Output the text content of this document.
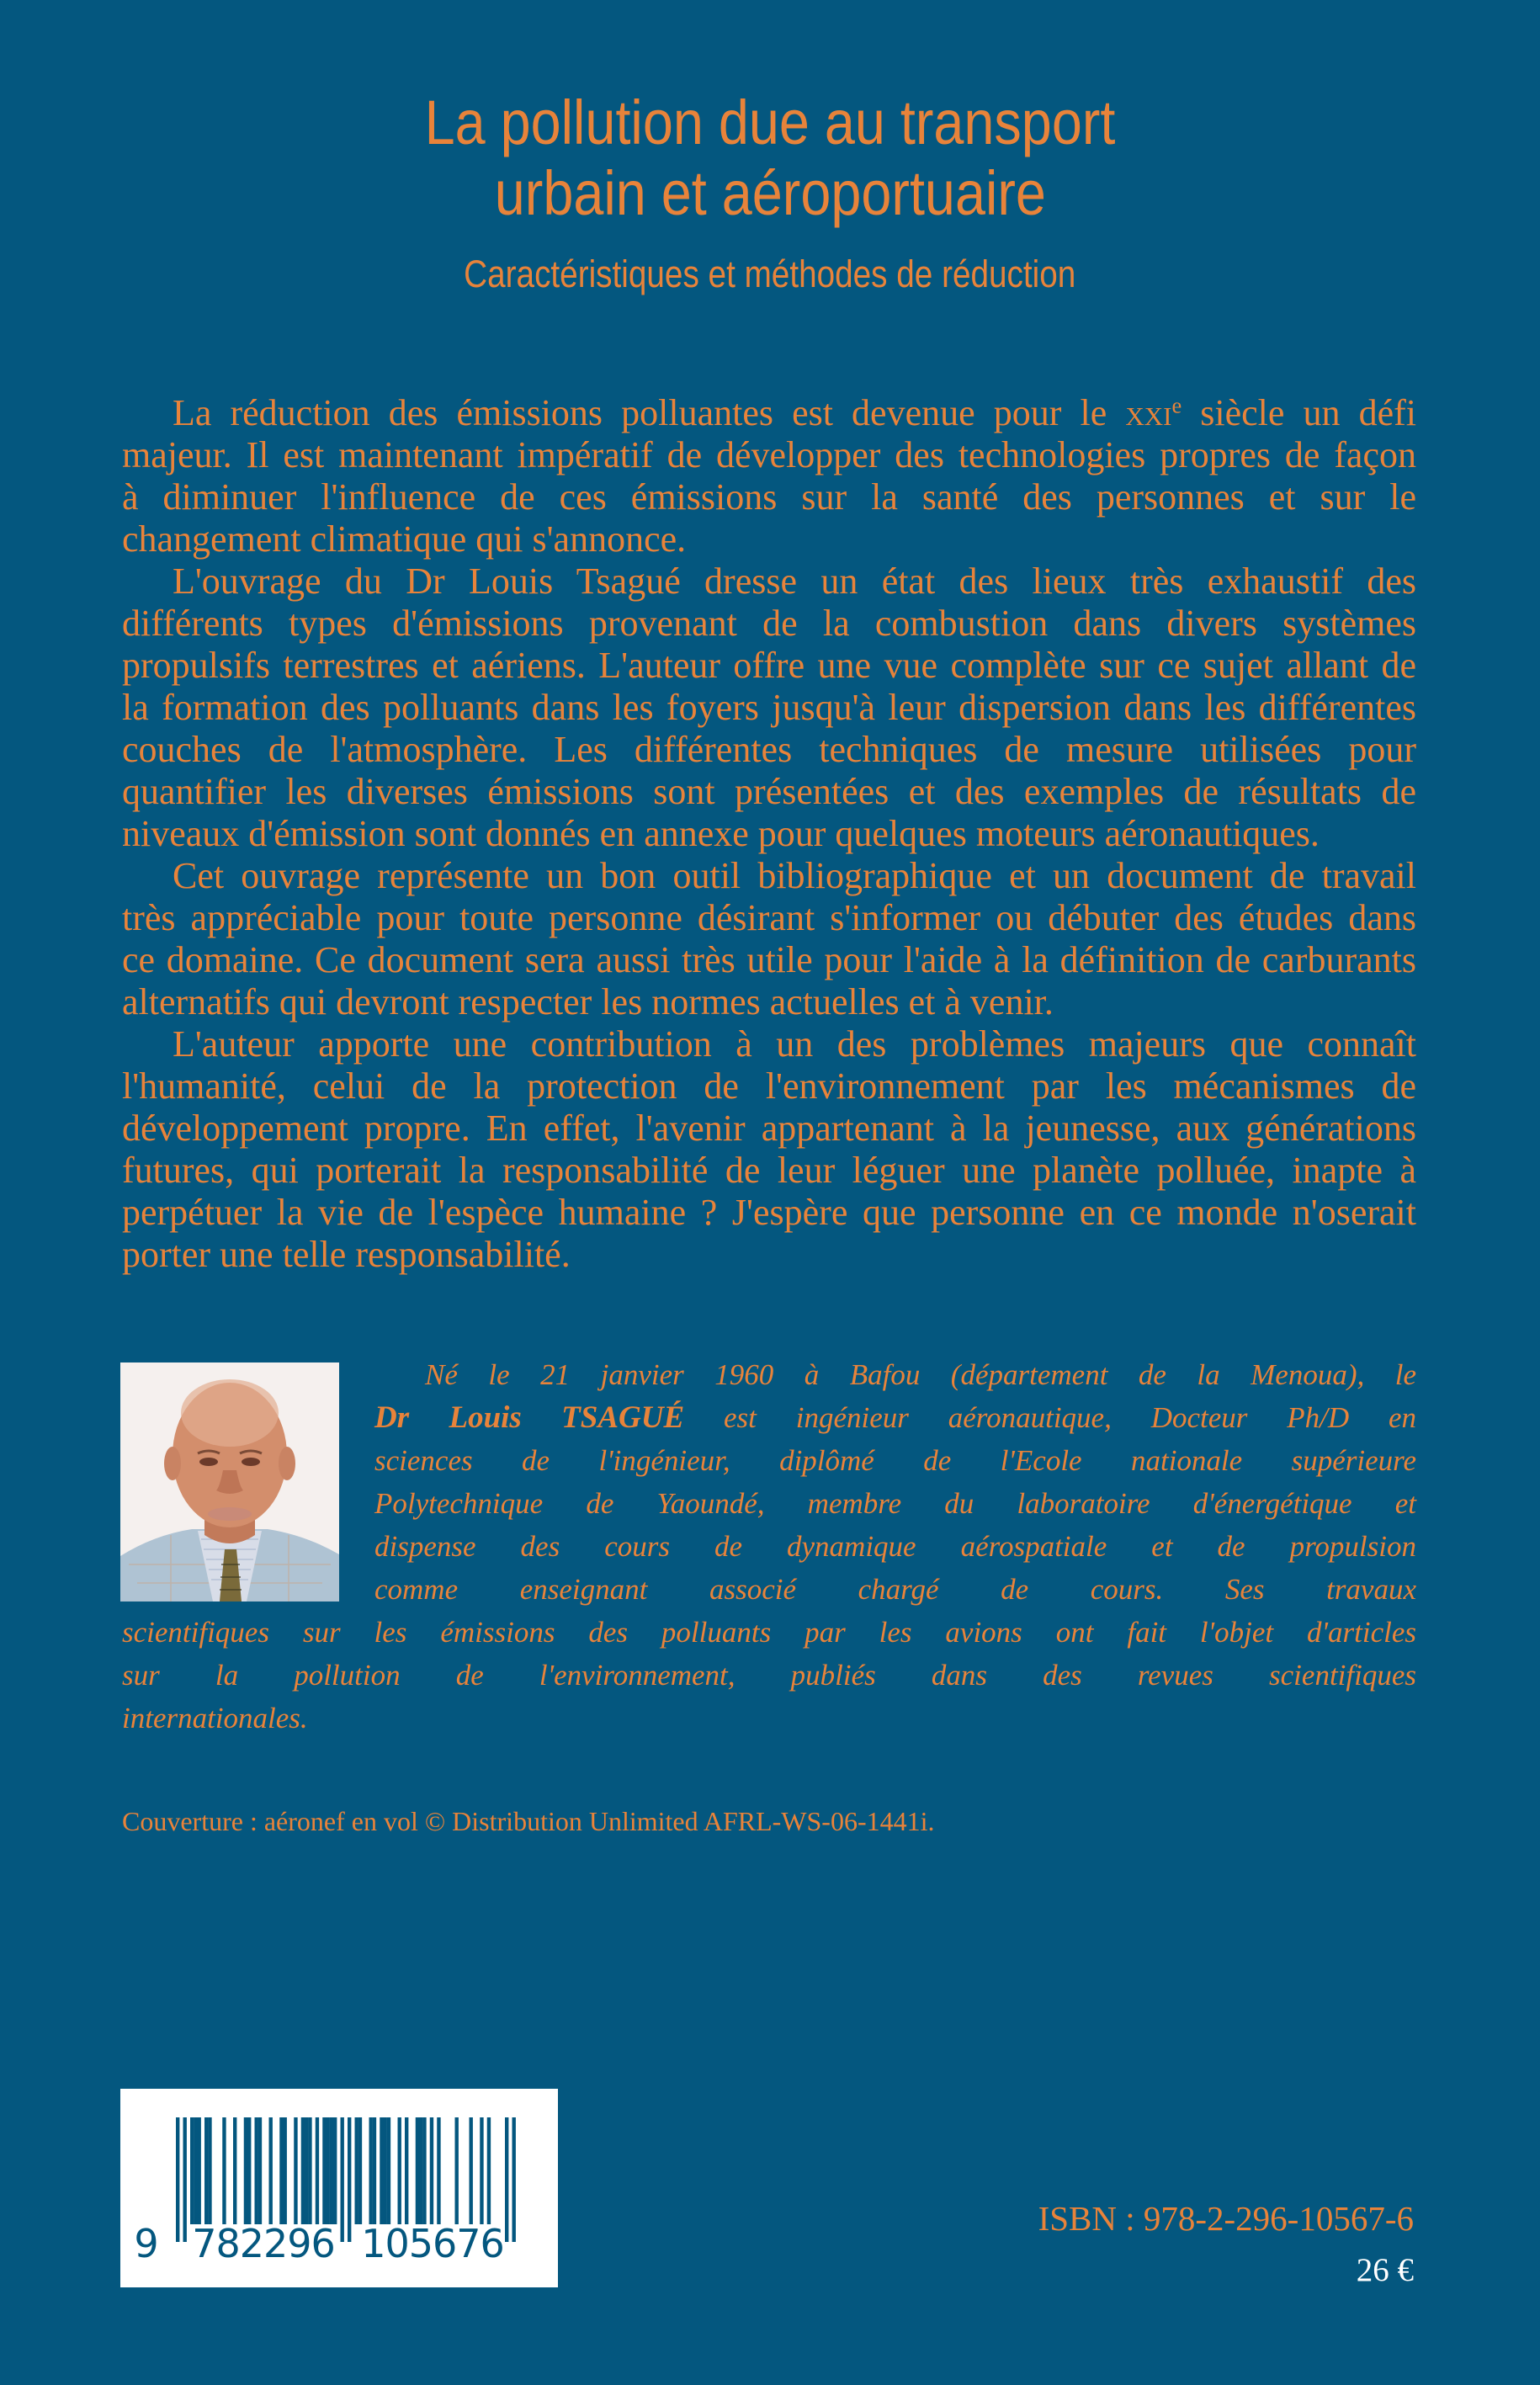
La pollution due au transport
urbain et aéroportuaire
Caractéristiques et méthodes de réduction
La réduction des émissions polluantes est devenue pour le xxi$^e$ siècle un défi
majeur. Il est maintenant impératif de développer des technologies propres de façon
à diminuer l'influence de ces émissions sur la santé des personnes et sur le
changement climatique qui s'annonce.
L'ouvrage du Dr Louis Tsagué dresse un état des lieux très exhaustif des
différents types d'émissions provenant de la combustion dans divers systèmes
propulsifs terrestres et aériens. L'auteur offre une vue complète sur ce sujet allant de
la formation des polluants dans les foyers jusqu'à leur dispersion dans les différentes
couches de l'atmosphère. Les différentes techniques de mesure utilisées pour
quantifier les diverses émissions sont présentées et des exemples de résultats de
niveaux d'émission sont donnés en annexe pour quelques moteurs aéronautiques.
Cet ouvrage représente un bon outil bibliographique et un document de travail
très appréciable pour toute personne désirant s'informer ou débuter des études dans
ce domaine. Ce document sera aussi très utile pour l'aide à la définition de carburants
alternatifs qui devront respecter les normes actuelles et à venir.
L'auteur apporte une contribution à un des problèmes majeurs que connaît
l'humanité, celui de la protection de l'environnement par les mécanismes de
développement propre. En effet, l'avenir appartenant à la jeunesse, aux générations
futures, qui porterait la responsabilité de leur léguer une planète polluée, inapte à
perpétuer la vie de l'espèce humaine ? J'espère que personne en ce monde n'oserait
porter une telle responsabilité.
Né le 21 janvier 1960 à Bafou (département de la Menoua), le
Dr Louis TSAGUÉ est ingénieur aéronautique, Docteur Ph/D en
sciences de l'ingénieur, diplômé de l'Ecole nationale supérieure
Polytechnique de Yaoundé, membre du laboratoire d'énergétique et
dispense des cours de dynamique aérospatiale et de propulsion
comme enseignant associé chargé de cours. Ses travaux
scientifiques sur les émissions des polluants par les avions ont fait l'objet d'articles
sur la pollution de l'environnement, publiés dans des revues scientifiques
internationales.
Couverture : aéronef en vol © Distribution Unlimited AFRL-WS-06-1441i.
9 782296 105676
ISBN : 978-2-296-10567-6
26 €
